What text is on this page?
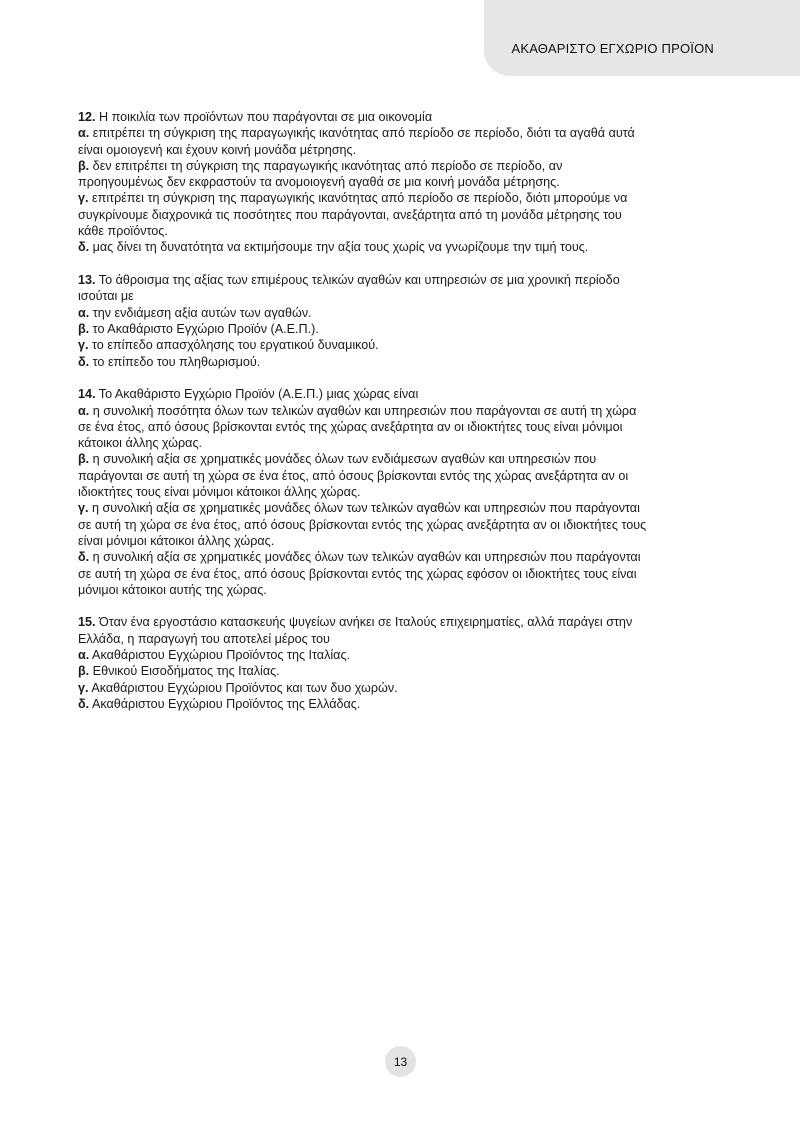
ΑΚΑΘΑΡΙΣΤΟ ΕΓΧΩΡΙΟ ΠΡΟΪΟΝ
12. Η ποικιλία των προϊόντων που παράγονται σε μια οικονομία
α. επιτρέπει τη σύγκριση της παραγωγικής ικανότητας από περίοδο σε περίοδο, διότι τα αγαθά αυτά
είναι ομοιογενή και έχουν κοινή μονάδα μέτρησης.
β. δεν επιτρέπει τη σύγκριση της παραγωγικής ικανότητας από περίοδο σε περίοδο, αν
προηγουμένως δεν εκφραστούν τα ανομοιογενή αγαθά σε μια κοινή μονάδα μέτρησης.
γ. επιτρέπει τη σύγκριση της παραγωγικής ικανότητας από περίοδο σε περίοδο, διότι μπορούμε να
συγκρίνουμε διαχρονικά τις ποσότητες που παράγονται, ανεξάρτητα από τη μονάδα μέτρησης του
κάθε προϊόντος.
δ. μας δίνει τη δυνατότητα να εκτιμήσουμε την αξία τους χωρίς να γνωρίζουμε την τιμή τους.
13. Το άθροισμα της αξίας των επιμέρους τελικών αγαθών και υπηρεσιών σε μια χρονική περίοδο
ισούται με
α. την ενδιάμεση αξία αυτών των αγαθών.
β. το Ακαθάριστο Εγχώριο Προϊόν (Α.Ε.Π.).
γ. το επίπεδο απασχόλησης του εργατικού δυναμικού.
δ. το επίπεδο του πληθωρισμού.
14. Το Ακαθάριστο Εγχώριο Προϊόν (Α.Ε.Π.) μιας χώρας είναι
α. η συνολική ποσότητα όλων των τελικών αγαθών και υπηρεσιών που παράγονται σε αυτή τη χώρα
σε ένα έτος, από όσους βρίσκονται εντός της χώρας ανεξάρτητα αν οι ιδιοκτήτες τους είναι μόνιμοι
κάτοικοι άλλης χώρας.
β. η συνολική αξία σε χρηματικές μονάδες όλων των ενδιάμεσων αγαθών και υπηρεσιών που
παράγονται σε αυτή τη χώρα σε ένα έτος, από όσους βρίσκονται εντός της χώρας ανεξάρτητα αν οι
ιδιοκτήτες τους είναι μόνιμοι κάτοικοι άλλης χώρας.
γ. η συνολική αξία σε χρηματικές μονάδες όλων των τελικών αγαθών και υπηρεσιών που παράγονται
σε αυτή τη χώρα σε ένα έτος, από όσους βρίσκονται εντός της χώρας ανεξάρτητα αν οι ιδιοκτήτες τους
είναι μόνιμοι κάτοικοι άλλης χώρας.
δ. η συνολική αξία σε χρηματικές μονάδες όλων των τελικών αγαθών και υπηρεσιών που παράγονται
σε αυτή τη χώρα σε ένα έτος, από όσους βρίσκονται εντός της χώρας εφόσον οι ιδιοκτήτες τους είναι
μόνιμοι κάτοικοι αυτής της χώρας.
15. Όταν ένα εργοστάσιο κατασκευής ψυγείων ανήκει σε Ιταλούς επιχειρηματίες, αλλά παράγει στην
Ελλάδα, η παραγωγή του αποτελεί μέρος του
α. Ακαθάριστου Εγχώριου Προϊόντος της Ιταλίας.
β. Εθνικού Εισοδήματος της Ιταλίας.
γ. Ακαθάριστου Εγχώριου Προϊόντος και των δυο χωρών.
δ. Ακαθάριστου Εγχώριου Προϊόντος της Ελλάδας.
13
